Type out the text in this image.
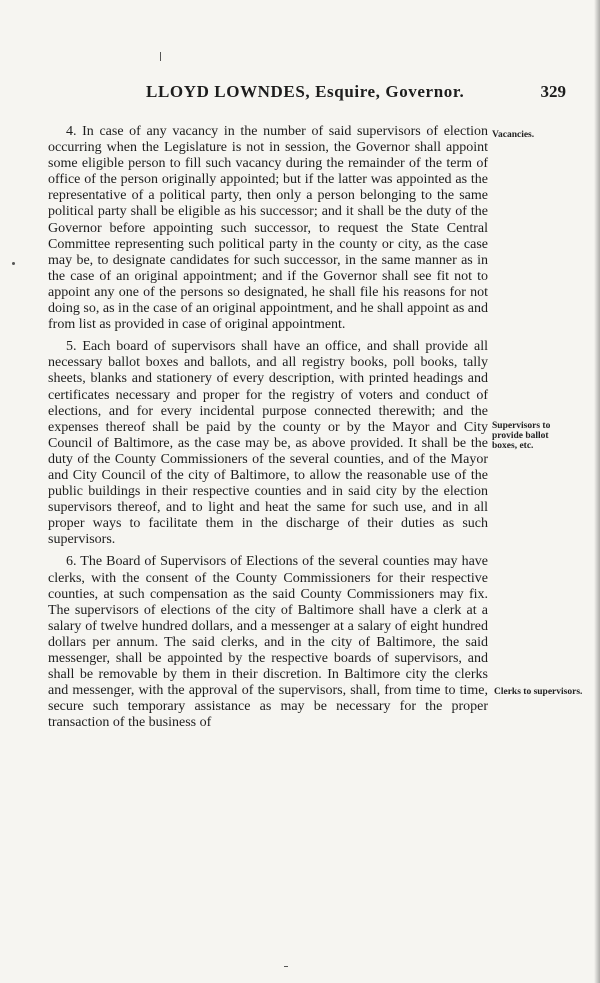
LLOYD LOWNDES, Esquire, Governor.	329

4. In case of any vacancy in the number of said supervisors of election occurring when the Legislature is not in session, the Governor shall appoint some eligible person to fill such vacancy during the remainder of the term of office of the person originally appointed; but if the latter was appointed as the representative of a political party, then only a person belonging to the same political party shall be eligible as his successor; and it shall be the duty of the Governor before appointing such successor, to request the State Central Committee representing such political party in the county or city, as the case may be, to designate candidates for such successor, in the same manner as in the case of an original appointment; and if the Governor shall see fit not to appoint any one of the persons so designated, he shall file his reasons for not doing so, as in the case of an original appointment, and he shall appoint as and from list as provided in case of original appointment.

5. Each board of supervisors shall have an office, and shall provide all necessary ballot boxes and ballots, and all registry books, poll books, tally sheets, blanks and stationery of every description, with printed headings and certificates necessary and proper for the registry of voters and conduct of elections, and for every incidental purpose connected therewith; and the expenses thereof shall be paid by the county or by the Mayor and City Council of Baltimore, as the case may be, as above provided. It shall be the duty of the County Commissioners of the several counties, and of the Mayor and City Council of the city of Baltimore, to allow the reasonable use of the public buildings in their respective counties and in said city by the election supervisors thereof, and to light and heat the same for such use, and in all proper ways to facilitate them in the discharge of their duties as such supervisors.

6. The Board of Supervisors of Elections of the several counties may have clerks, with the consent of the County Commissioners for their respective counties, at such compensation as the said County Commissioners may fix. The supervisors of elections of the city of Baltimore shall have a clerk at a salary of twelve hundred dollars, and a messenger at a salary of eight hundred dollars per annum. The said clerks, and in the city of Baltimore, the said messenger, shall be appointed by the respective boards of supervisors, and shall be removable by them in their discretion. In Baltimore city the clerks and messenger, with the approval of the supervisors, shall, from time to time, secure such temporary assistance as may be necessary for the proper transaction of the business of

Vacancies.
Supervisors to provide ballot boxes, etc.
Clerks to supervisors.
